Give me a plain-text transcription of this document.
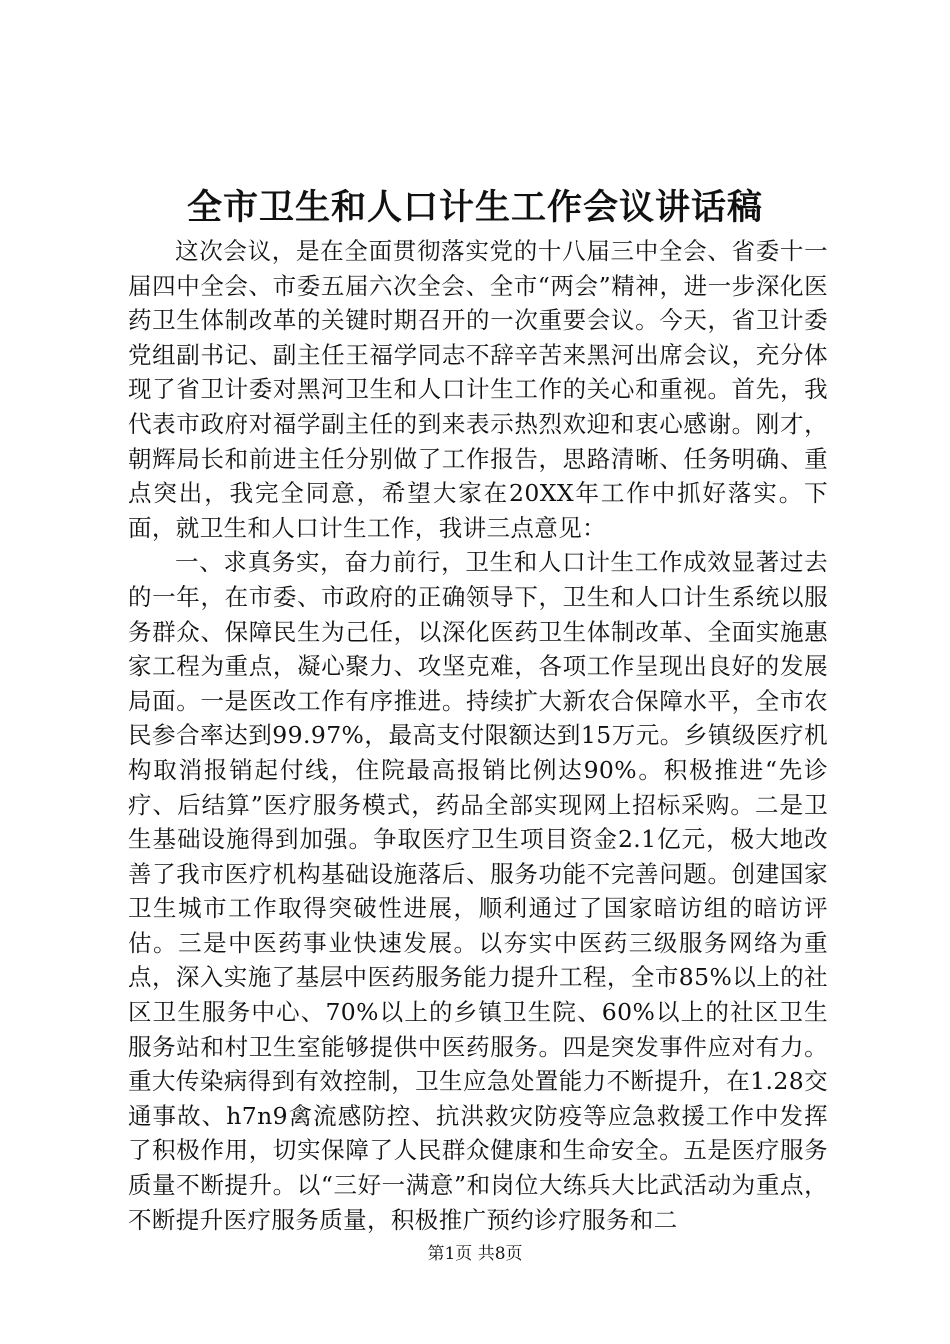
全市卫生和人口计生工作会议讲话稿

这次会议，是在全面贯彻落实党的十八届三中全会、省委十一届四中全会、市委五届六次全会、全市“两会”精神，进一步深化医药卫生体制改革的关键时期召开的一次重要会议。今天，省卫计委党组副书记、副主任王福学同志不辞辛苦来黑河出席会议，充分体现了省卫计委对黑河卫生和人口计生工作的关心和重视。首先，我代表市政府对福学副主任的到来表示热烈欢迎和衷心感谢。刚才，朝辉局长和前进主任分别做了工作报告，思路清晰、任务明确、重点突出，我完全同意，希望大家在20XX年工作中抓好落实。下面，就卫生和人口计生工作，我讲三点意见：

一、求真务实，奋力前行，卫生和人口计生工作成效显著过去的一年，在市委、市政府的正确领导下，卫生和人口计生系统以服务群众、保障民生为己任，以深化医药卫生体制改革、全面实施惠家工程为重点，凝心聚力、攻坚克难，各项工作呈现出良好的发展局面。一是医改工作有序推进。持续扩大新农合保障水平，全市农民参合率达到99.97%，最高支付限额达到15万元。乡镇级医疗机构取消报销起付线，住院最高报销比例达90%。积极推进“先诊疗、后结算”医疗服务模式，药品全部实现网上招标采购。二是卫生基础设施得到加强。争取医疗卫生项目资金2.1亿元，极大地改善了我市医疗机构基础设施落后、服务功能不完善问题。创建国家卫生城市工作取得突破性进展，顺利通过了国家暗访组的暗访评估。三是中医药事业快速发展。以夯实中医药三级服务网络为重点，深入实施了基层中医药服务能力提升工程，全市85%以上的社区卫生服务中心、70%以上的乡镇卫生院、60%以上的社区卫生服务站和村卫生室能够提供中医药服务。四是突发事件应对有力。重大传染病得到有效控制，卫生应急处置能力不断提升，在1.28交通事故、h7n9禽流感防控、抗洪救灾防疫等应急救援工作中发挥了积极作用，切实保障了人民群众健康和生命安全。五是医疗服务质量不断提升。以“三好一满意”和岗位大练兵大比武活动为重点，不断提升医疗服务质量，积极推广预约诊疗服务和二

第1页 共8页
